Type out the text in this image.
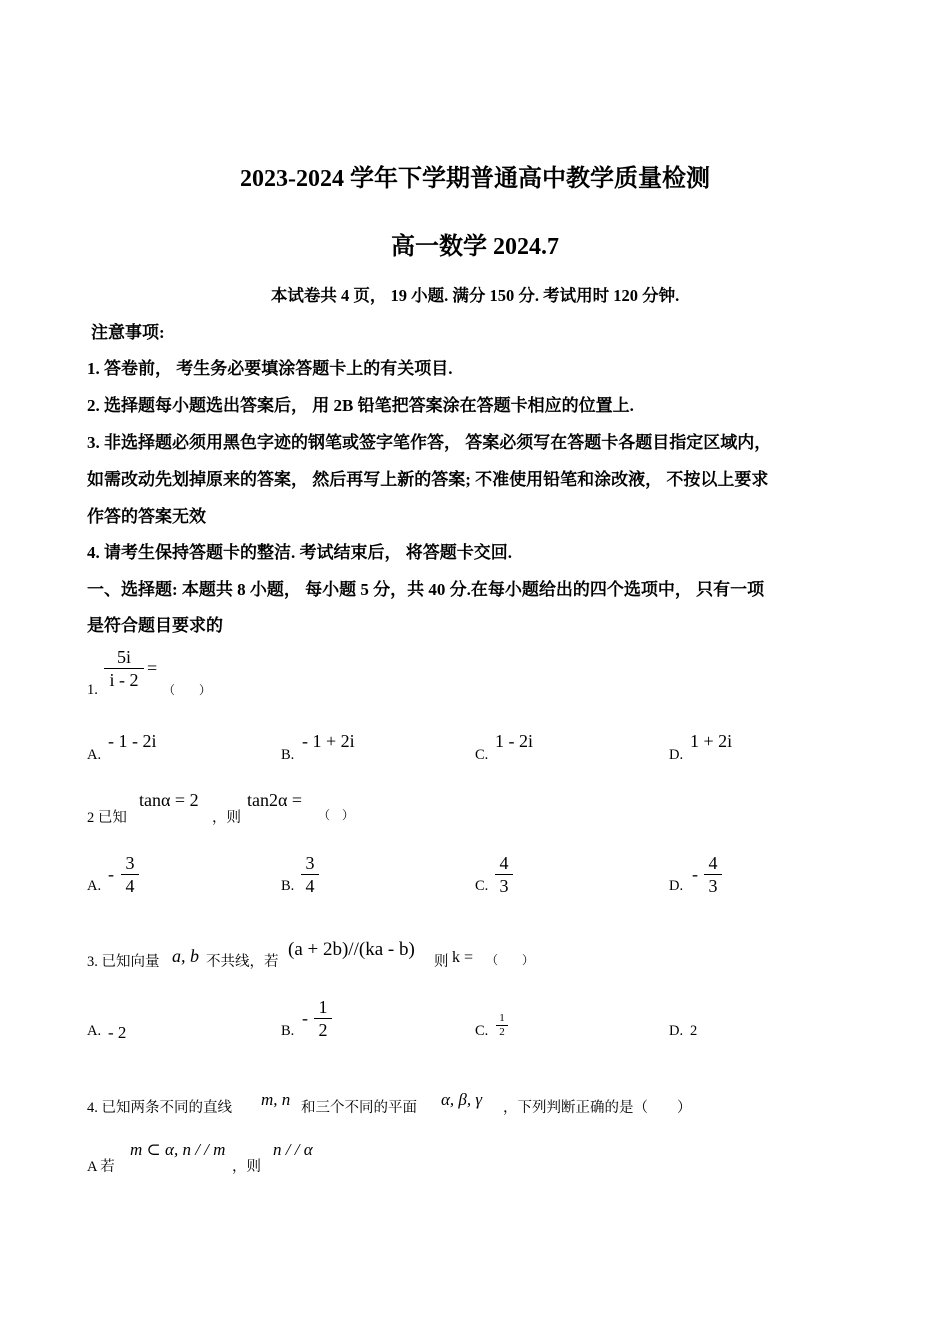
2023-2024 学年下学期普通高中教学质量检测
高一数学 2024.7
本试卷共 4 页， 19 小题. 满分 150 分. 考试用时 120 分钟.
注意事项:
1. 答卷前， 考生务必要填涂答题卡上的有关项目.
2. 选择题每小题选出答案后， 用 2B 铅笔把答案涂在答题卡相应的位置上.
3. 非选择题必须用黑色字迹的钢笔或签字笔作答， 答案必须写在答题卡各题目指定区域内，
如需改动先划掉原来的答案， 然后再写上新的答案; 不准使用铅笔和涂改液， 不按以上要求
作答的答案无效
4. 请考生保持答题卡的整洁. 考试结束后， 将答题卡交回.
一、选择题: 本题共 8 小题， 每小题 5 分，共 40 分.在每小题给出的四个选项中， 只有一项
是符合题目要求的
1.
5i
i - 2
=
（　　）
A.
- 1 - 2i
B.
- 1 + 2i
C.
1 - 2i
D.
1 + 2i
2 已知
tanα = 2
，则
tan2α =
（　）
A.
-
3
4	B.
3
4	C.
4
3	D.
-
4
3
3. 已知向量 a, b 不共线，若
(a + 2b)//(ka - b)
则 k = （　　）
A. - 2	B.
-
1
2	C.
1
2	D. 2
4. 已知两条不同的直线 m, n 和三个不同的平面 α, β, γ ，下列判断正确的是（　　）
A 若
m ⊂ α, n / / m
，则
n / / α
